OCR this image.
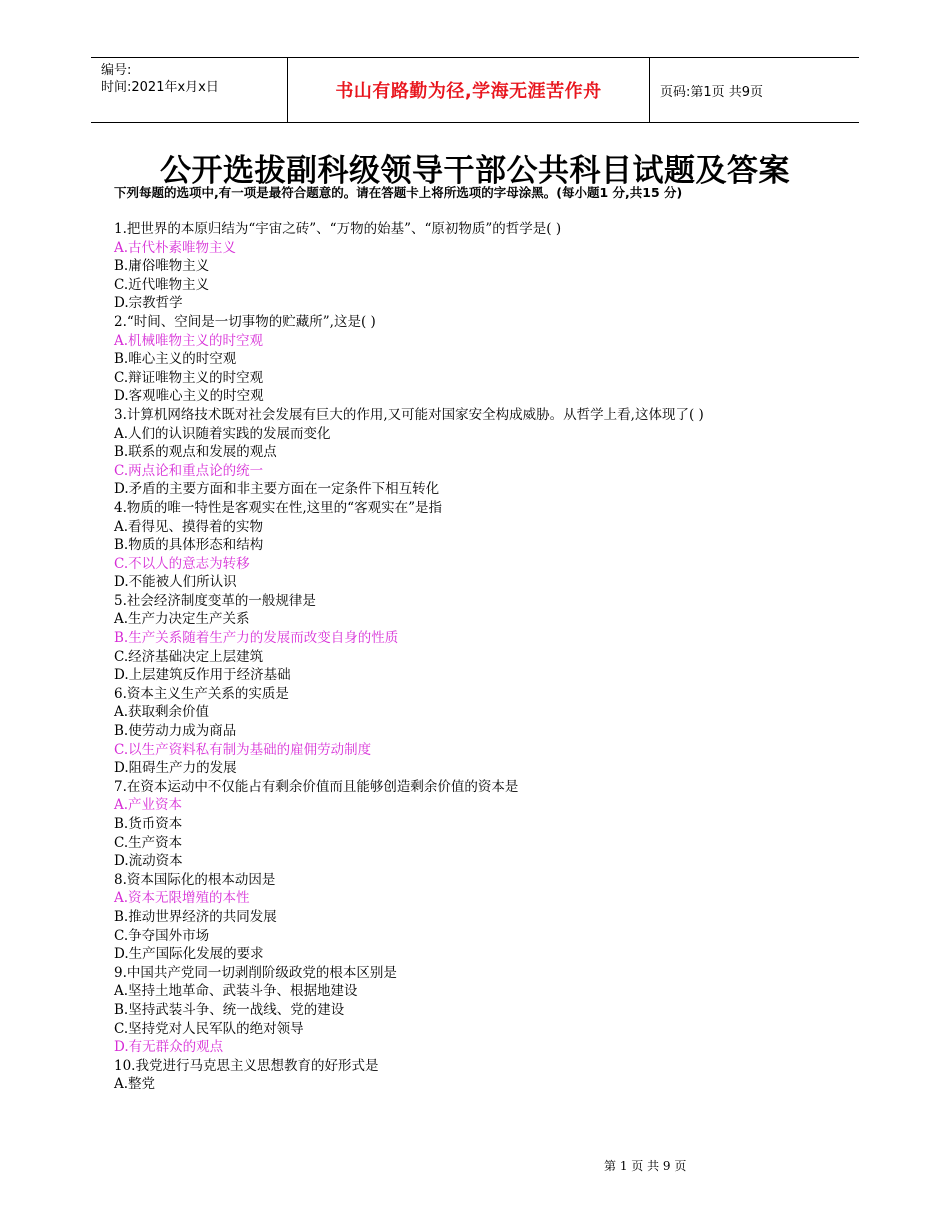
编号:
时间:2021年x月x日	书山有路勤为径,学海无涯苦作舟	页码:第1页 共9页
公开选拔副科级领导干部公共科目试题及答案
下列每题的选项中,有一项是最符合题意的。请在答题卡上将所选项的字母涂黑。(每小题1 分,共15 分)
1.把世界的本原归结为“宇宙之砖”、“万物的始基”、“原初物质”的哲学是( )
A.古代朴素唯物主义
B.庸俗唯物主义
C.近代唯物主义
D.宗教哲学
2.“时间、空间是一切事物的贮藏所”,这是( )
A.机械唯物主义的时空观
B.唯心主义的时空观
C.辩证唯物主义的时空观
D.客观唯心主义的时空观
3.计算机网络技术既对社会发展有巨大的作用,又可能对国家安全构成威胁。从哲学上看,这体现了( )
A.人们的认识随着实践的发展而变化
B.联系的观点和发展的观点
C.两点论和重点论的统一
D.矛盾的主要方面和非主要方面在一定条件下相互转化
4.物质的唯一特性是客观实在性,这里的“客观实在”是指
A.看得见、摸得着的实物
B.物质的具体形态和结构
C.不以人的意志为转移
D.不能被人们所认识
5.社会经济制度变革的一般规律是
A.生产力决定生产关系
B.生产关系随着生产力的发展而改变自身的性质
C.经济基础决定上层建筑
D.上层建筑反作用于经济基础
6.资本主义生产关系的实质是
A.获取剩余价值
B.使劳动力成为商品
C.以生产资料私有制为基础的雇佣劳动制度
D.阻碍生产力的发展
7.在资本运动中不仅能占有剩余价值而且能够创造剩余价值的资本是
A.产业资本
B.货币资本
C.生产资本
D.流动资本
8.资本国际化的根本动因是
A.资本无限增殖的本性
B.推动世界经济的共同发展
C.争夺国外市场
D.生产国际化发展的要求
9.中国共产党同一切剥削阶级政党的根本区别是
A.坚持土地革命、武装斗争、根据地建设
B.坚持武装斗争、统一战线、党的建设
C.坚持党对人民军队的绝对领导
D.有无群众的观点
10.我党进行马克思主义思想教育的好形式是
A.整党
第 1 页 共 9 页
